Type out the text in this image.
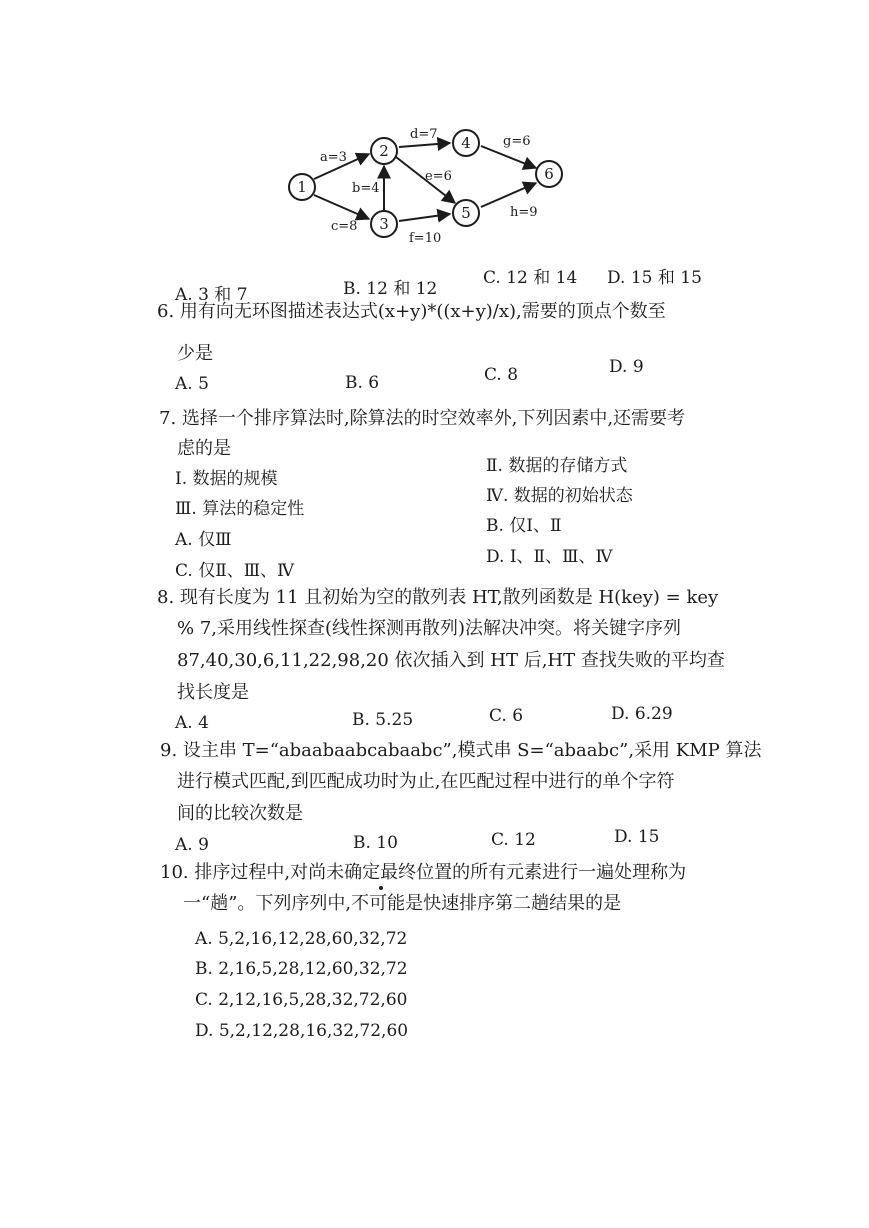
1
2
3
4
5
6
a=3
b=4
c=8
d=7
e=6
f=10
g=6
h=9
A. 3 和 7	B. 12 和 12
C. 12 和 14 D. 15 和 15
6. 用有向无环图描述表达式(x+y)*((x+y)/x),需要的顶点个数至
少是
A. 5	B. 6	C. 8	D. 9
7. 选择一个排序算法时,除算法的时空效率外,下列因素中,还需要考
虑的是
Ⅰ. 数据的规模
Ⅱ. 数据的存储方式
Ⅲ. 算法的稳定性
Ⅳ. 数据的初始状态
A. 仅Ⅲ
B. 仅Ⅰ、Ⅱ
C. 仅Ⅱ、Ⅲ、Ⅳ
D. Ⅰ、Ⅱ、Ⅲ、Ⅳ
8. 现有长度为 11 且初始为空的散列表 HT,散列函数是 H(key) = key
% 7,采用线性探查(线性探测再散列)法解决冲突。将关键字序列
87,40,30,6,11,22,98,20 依次插入到 HT 后,HT 查找失败的平均查
找长度是
A. 4	B. 5.25	C. 6	D. 6.29
9. 设主串 T=“abaabaabcabaabc”,模式串 S=“abaabc”,采用 KMP 算法
进行模式匹配,到匹配成功时为止,在匹配过程中进行的单个字符
间的比较次数是
A. 9	B. 10	C. 12	D. 15
10. 排序过程中,对尚未确定最终位置的所有元素进行一遍处理称为
一“趟”。下列序列中,不可能是快速排序第二趟结果的是
A. 5,2,16,12,28,60,32,72
B. 2,16,5,28,12,60,32,72
C. 2,12,16,5,28,32,72,60
D. 5,2,12,28,16,32,72,60
